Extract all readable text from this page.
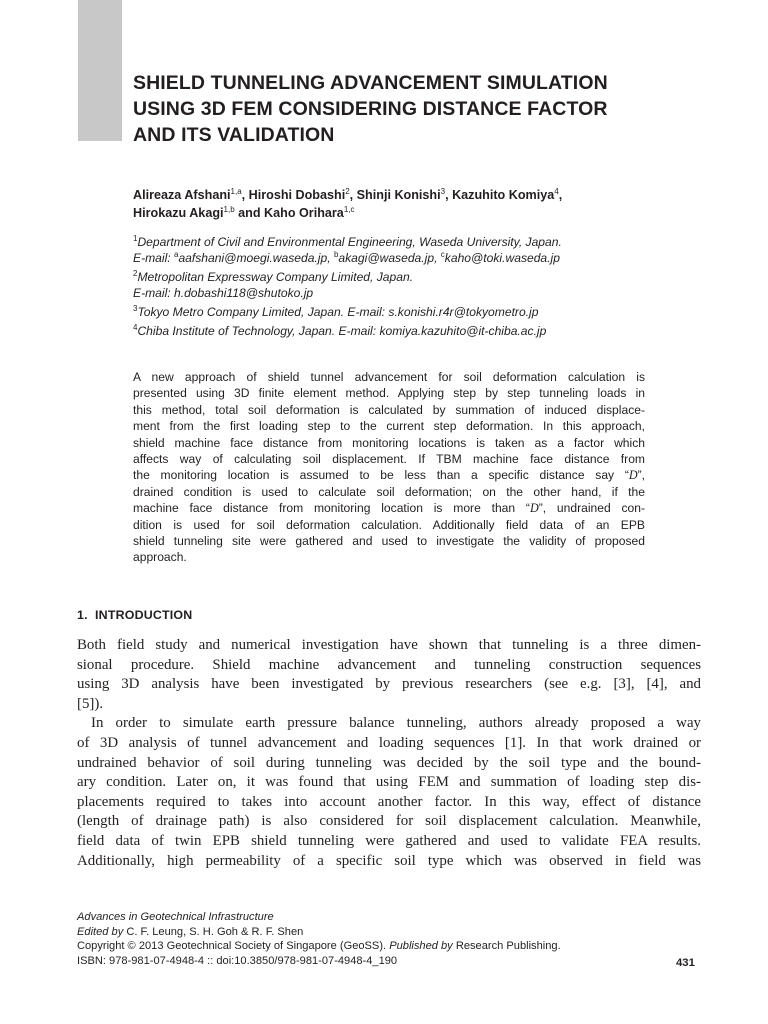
SHIELD TUNNELING ADVANCEMENT SIMULATION
USING 3D FEM CONSIDERING DISTANCE FACTOR
AND ITS VALIDATION
Alireaza Afshani$^{1,a}$, Hiroshi Dobashi$^2$, Shinji Konishi$^3$, Kazuhito Komiya$^4$,
Hirokazu Akagi$^{1,b}$ and Kaho Orihara$^{1,c}$
$^1$Department of Civil and Environmental Engineering, Waseda University, Japan.
E-mail: $^a$aafshani@moegi.waseda.jp, $^b$akagi@waseda.jp, $^c$kaho@toki.waseda.jp
$^2$Metropolitan Expressway Company Limited, Japan.
E-mail: h.dobashi118@shutoko.jp
$^3$Tokyo Metro Company Limited, Japan. E-mail: s.konishi.r4r@tokyometro.jp
$^4$Chiba Institute of Technology, Japan. E-mail: komiya.kazuhito@it-chiba.ac.jp
A new approach of shield tunnel advancement for soil deformation calculation is
presented using 3D finite element method. Applying step by step tunneling loads in
this method, total soil deformation is calculated by summation of induced displace-
ment from the first loading step to the current step deformation. In this approach,
shield machine face distance from monitoring locations is taken as a factor which
affects way of calculating soil displacement. If TBM machine face distance from
the monitoring location is assumed to be less than a specific distance say “D”,
drained condition is used to calculate soil deformation; on the other hand, if the
machine face distance from monitoring location is more than “D”, undrained con-
dition is used for soil deformation calculation. Additionally field data of an EPB
shield tunneling site were gathered and used to investigate the validity of proposed
approach.
1. INTRODUCTION
Both field study and numerical investigation have shown that tunneling is a three dimen-
sional procedure. Shield machine advancement and tunneling construction sequences
using 3D analysis have been investigated by previous researchers (see e.g. [3], [4], and
[5]).
In order to simulate earth pressure balance tunneling, authors already proposed a way
of 3D analysis of tunnel advancement and loading sequences [1]. In that work drained or
undrained behavior of soil during tunneling was decided by the soil type and the bound-
ary condition. Later on, it was found that using FEM and summation of loading step dis-
placements required to takes into account another factor. In this way, effect of distance
(length of drainage path) is also considered for soil displacement calculation. Meanwhile,
field data of twin EPB shield tunneling were gathered and used to validate FEA results.
Additionally, high permeability of a specific soil type which was observed in field was
Advances in Geotechnical Infrastructure
Edited by C. F. Leung, S. H. Goh & R. F. Shen
Copyright © 2013 Geotechnical Society of Singapore (GeoSS). Published by Research Publishing.
ISBN: 978-981-07-4948-4 :: doi:10.3850/978-981-07-4948-4_190	431
